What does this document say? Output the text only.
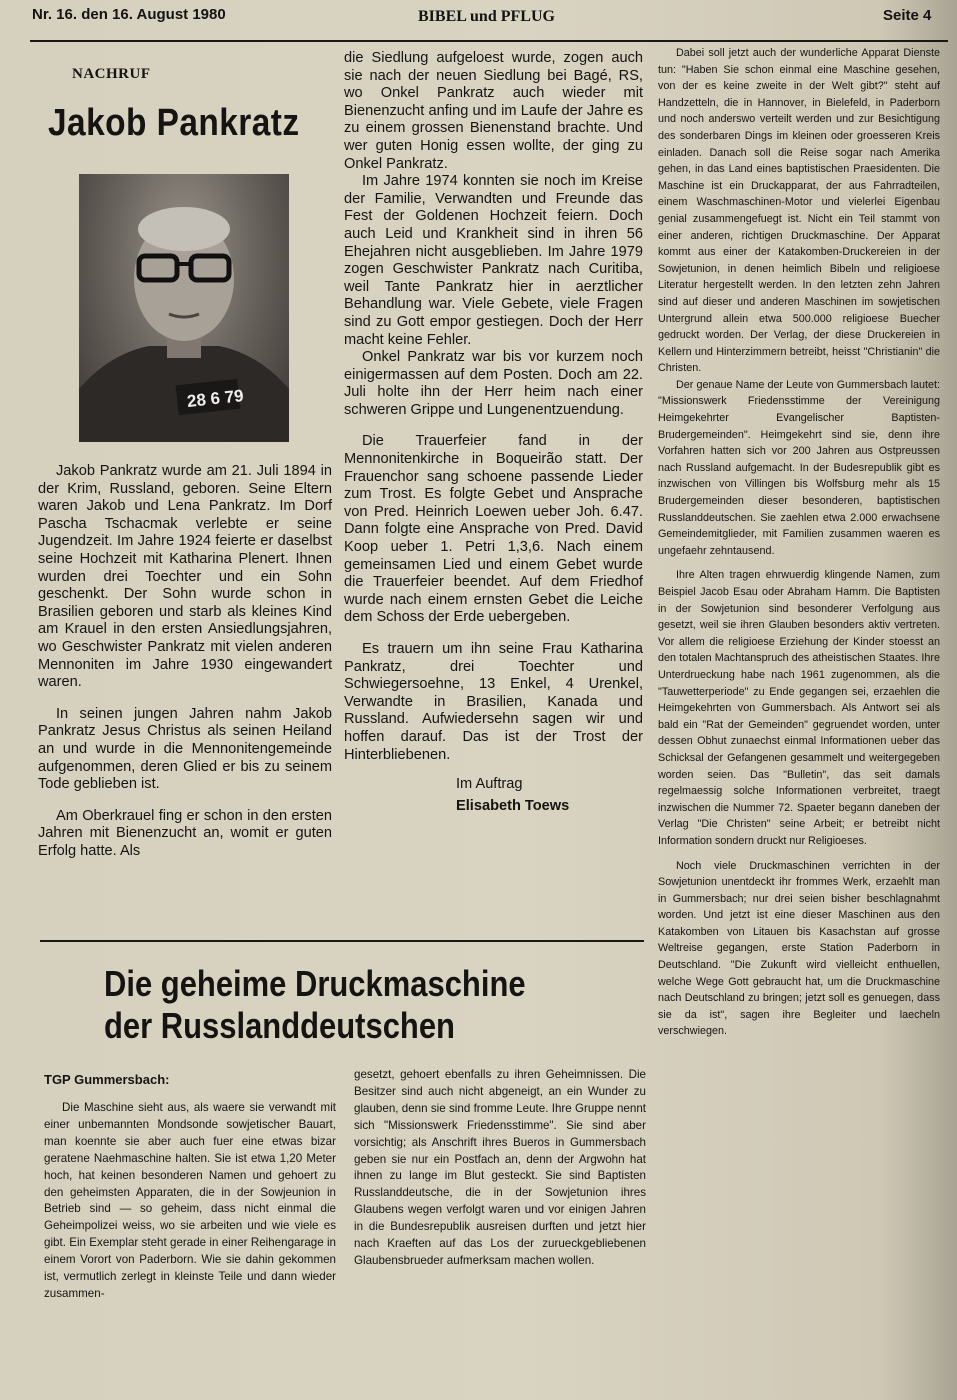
Nr. 16. den 16. August 1980	BIBEL und PFLUG	Seite 4
NACHRUF
Jakob Pankratz
28 6 79

Jakob Pankratz wurde am 21. Juli 1894 in der Krim, Russland, geboren. Seine Eltern waren Jakob und Lena Pankratz. Im Dorf Pascha Tschacmak verlebte er seine Jugendzeit. Im Jahre 1924 feierte er daselbst seine Hochzeit mit Katharina Plenert. Ihnen wurden drei Toechter und ein Sohn geschenkt. Der Sohn wurde schon in Brasilien geboren und starb als kleines Kind am Krauel in den ersten Ansiedlungsjahren, wo Geschwister Pankratz mit vielen anderen Mennoniten im Jahre 1930 eingewandert waren.

In seinen jungen Jahren nahm Jakob Pankratz Jesus Christus als seinen Heiland an und wurde in die Mennonitengemeinde aufgenommen, deren Glied er bis zu seinem Tode geblieben ist.

Am Oberkrauel fing er schon in den ersten Jahren mit Bienenzucht an, womit er guten Erfolg hatte. Als

die Siedlung aufgeloest wurde, zogen auch sie nach der neuen Siedlung bei Bagé, RS, wo Onkel Pankratz auch wieder mit Bienenzucht anfing und im Laufe der Jahre es zu einem grossen Bienenstand brachte. Und wer guten Honig essen wollte, der ging zu Onkel Pankratz.

Im Jahre 1974 konnten sie noch im Kreise der Familie, Verwandten und Freunde das Fest der Goldenen Hochzeit feiern. Doch auch Leid und Krankheit sind in ihren 56 Ehejahren nicht ausgeblieben. Im Jahre 1979 zogen Geschwister Pankratz nach Curitiba, weil Tante Pankratz hier in aerztlicher Behandlung war. Viele Gebete, viele Fragen sind zu Gott empor gestiegen. Doch der Herr macht keine Fehler.

Onkel Pankratz war bis vor kurzem noch einigermassen auf dem Posten. Doch am 22. Juli holte ihn der Herr heim nach einer schweren Grippe und Lungenentzuendung.

Die Trauerfeier fand in der Mennonitenkirche in Boqueirão statt. Der Frauenchor sang schoene passende Lieder zum Trost. Es folgte Gebet und Ansprache von Pred. Heinrich Loewen ueber Joh. 6.47. Dann folgte eine Ansprache von Pred. David Koop ueber 1. Petri 1,3,6. Nach einem gemeinsamen Lied und einem Gebet wurde die Trauerfeier beendet. Auf dem Friedhof wurde nach einem ernsten Gebet die Leiche dem Schoss der Erde uebergeben.

Es trauern um ihn seine Frau Katharina Pankratz, drei Toechter und Schwiegersoehne, 13 Enkel, 4 Urenkel, Verwandte in Brasilien, Kanada und Russland. Aufwiedersehn sagen wir und hoffen darauf. Das ist der Trost der Hinterbliebenen.

Im Auftrag

Elisabeth Toews

Die geheime Druckmaschine
der Russlanddeutschen
TGP Gummersbach:

Die Maschine sieht aus, als waere sie verwandt mit einer unbemannten Mondsonde sowjetischer Bauart, man koennte sie aber auch fuer eine etwas bizar geratene Naehmaschine halten. Sie ist etwa 1,20 Meter hoch, hat keinen besonderen Namen und gehoert zu den geheimsten Apparaten, die in der Sowjeunion in Betrieb sind — so geheim, dass nicht einmal die Geheimpolizei weiss, wo sie arbeiten und wie viele es gibt. Ein Exemplar steht gerade in einer Reihengarage in einem Vorort von Paderborn. Wie sie dahin gekommen ist, vermutlich zerlegt in kleinste Teile und dann wieder zusammen-

gesetzt, gehoert ebenfalls zu ihren Geheimnissen. Die Besitzer sind auch nicht abgeneigt, an ein Wunder zu glauben, denn sie sind fromme Leute. Ihre Gruppe nennt sich "Missionswerk Friedensstimme". Sie sind aber vorsichtig; als Anschrift ihres Bueros in Gummersbach geben sie nur ein Postfach an, denn der Argwohn hat ihnen zu lange im Blut gesteckt. Sie sind Baptisten Russlanddeutsche, die in der Sowjetunion ihres Glaubens wegen verfolgt waren und vor einigen Jahren in die Bundesrepublik ausreisen durften und jetzt hier nach Kraeften auf das Los der zurueckgebliebenen Glaubensbrueder aufmerksam machen wollen.

Dabei soll jetzt auch der wunderliche Apparat Dienste tun: "Haben Sie schon einmal eine Maschine gesehen, von der es keine zweite in der Welt gibt?" steht auf Handzetteln, die in Hannover, in Bielefeld, in Paderborn und noch anderswo verteilt werden und zur Besichtigung des sonderbaren Dings im kleinen oder groesseren Kreis einladen. Danach soll die Reise sogar nach Amerika gehen, in das Land eines baptistischen Praesidenten. Die Maschine ist ein Druckapparat, der aus Fahrradteilen, einem Waschmaschinen-Motor und vielerlei Eigenbau genial zusammengefuegt ist. Nicht ein Teil stammt von einer anderen, richtigen Druckmaschine. Der Apparat kommt aus einer der Katakomben-Druckereien in der Sowjetunion, in denen heimlich Bibeln und religioese Literatur hergestellt werden. In den letzten zehn Jahren sind auf dieser und anderen Maschinen im sowjetischen Untergrund allein etwa 500.000 religioese Buecher gedruckt worden. Der Verlag, der diese Druckereien in Kellern und Hinterzimmern betreibt, heisst "Christianin" die Christen.

Der genaue Name der Leute von Gummersbach lautet: "Missionswerk Friedensstimme der Vereinigung Heimgekehrter Evangelischer Baptisten-Brudergemeinden". Heimgekehrt sind sie, denn ihre Vorfahren hatten sich vor 200 Jahren aus Ostpreussen nach Russland aufgemacht. In der Budesrepublik gibt es inzwischen von Villingen bis Wolfsburg mehr als 15 Brudergemeinden dieser besonderen, baptistischen Russlanddeutschen. Sie zaehlen etwa 2.000 erwachsene Gemeindemitglieder, mit Familien zusammen waeren es ungefaehr zehntausend.

Ihre Alten tragen ehrwuerdig klingende Namen, zum Beispiel Jacob Esau oder Abraham Hamm. Die Baptisten in der Sowjetunion sind besonderer Verfolgung aus gesetzt, weil sie ihren Glauben besonders aktiv vertreten. Vor allem die religioese Erziehung der Kinder stoesst an den totalen Machtanspruch des atheistischen Staates. Ihre Unterdrueckung habe nach 1961 zugenommen, als die "Tauwetterperiode" zu Ende gegangen sei, erzaehlen die Heimgekehrten von Gummersbach. Als Antwort sei als bald ein "Rat der Gemeinden" gegruendet worden, unter dessen Obhut zunaechst einmal Informationen ueber das Schicksal der Gefangenen gesammelt und weitergegeben worden seien. Das "Bulletin", das seit damals regelmaessig solche Informationen verbreitet, traegt inzwischen die Nummer 72. Spaeter begann daneben der Verlag "Die Christen" seine Arbeit; er betreibt nicht Information sondern druckt nur Religioeses.

Noch viele Druckmaschinen verrichten in der Sowjetunion unentdeckt ihr frommes Werk, erzaehlt man in Gummersbach; nur drei seien bisher beschlagnahmt worden. Und jetzt ist eine dieser Maschinen aus den Katakomben von Litauen bis Kasachstan auf grosse Weltreise gegangen, erste Station Paderborn in Deutschland. "Die Zukunft wird vielleicht enthuellen, welche Wege Gott gebraucht hat, um die Druckmaschine nach Deutschland zu bringen; jetzt soll es genuegen, dass sie da ist", sagen ihre Begleiter und laecheln verschwiegen.
